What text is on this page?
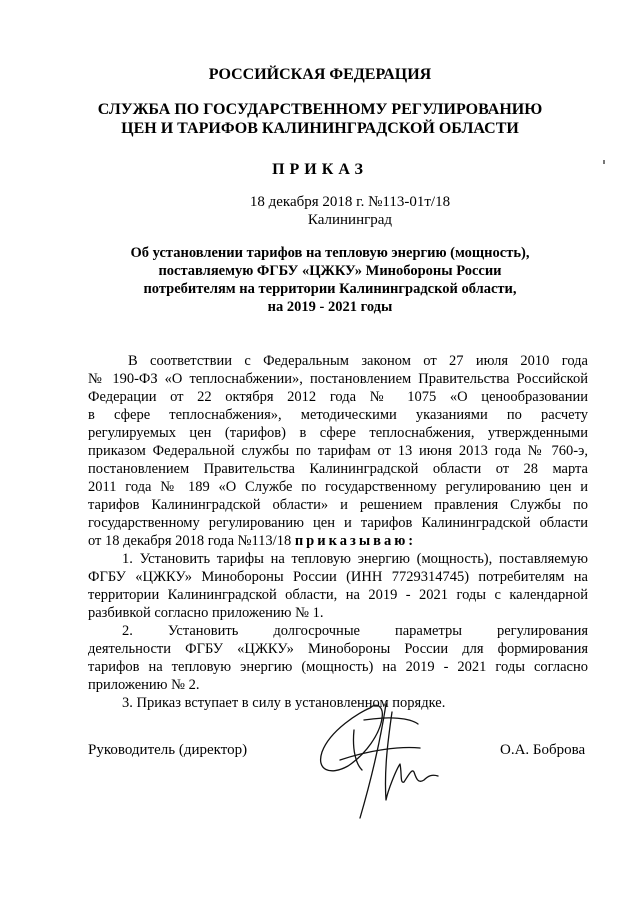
РОССИЙСКАЯ ФЕДЕРАЦИЯ
СЛУЖБА ПО ГОСУДАРСТВЕННОМУ РЕГУЛИРОВАНИЮ
ЦЕН И ТАРИФОВ КАЛИНИНГРАДСКОЙ ОБЛАСТИ
ПРИКАЗ
18 декабря 2018 г. №113-01т/18
Калининград
Об установлении тарифов на тепловую энергию (мощность),
поставляемую ФГБУ «ЦЖКУ» Минобороны России
потребителям на территории Калининградской области,
на 2019 - 2021 годы
В соответствии с Федеральным законом от 27 июля 2010 года
№ 190-ФЗ «О теплоснабжении», постановлением Правительства Российской
Федерации от 22 октября 2012 года № 1075 «О ценообразовании
в сфере теплоснабжения», методическими указаниями по расчету
регулируемых цен (тарифов) в сфере теплоснабжения, утвержденными
приказом Федеральной службы по тарифам от 13 июня 2013 года № 760-э,
постановлением Правительства Калининградской области от 28 марта
2011 года № 189 «О Службе по государственному регулированию цен и
тарифов Калининградской области» и решением правления Службы по
государственному регулированию цен и тарифов Калининградской области
от 18 декабря 2018 года №113/18 приказываю:
1. Установить тарифы на тепловую энергию (мощность), поставляемую
ФГБУ «ЦЖКУ» Минобороны России (ИНН 7729314745) потребителям на
территории Калининградской области, на 2019 - 2021 годы с календарной
разбивкой согласно приложению № 1.
2. Установить долгосрочные параметры регулирования
деятельности ФГБУ «ЦЖКУ» Минобороны России для формирования
тарифов на тепловую энергию (мощность) на 2019 - 2021 годы согласно
приложению № 2.
3. Приказ вступает в силу в установленном порядке.
Руководитель (директор)	О.А. Боброва
